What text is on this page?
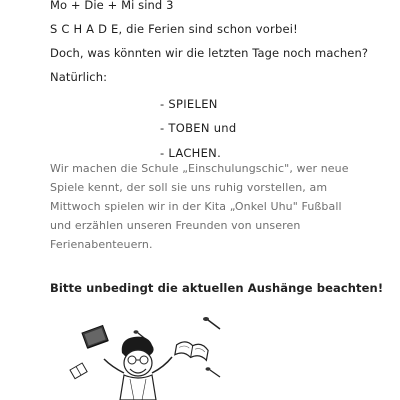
Mo + Die + Mi sind 3
S C H A D E, die Ferien sind schon vorbei!
Doch, was könnten wir die letzten Tage noch machen?
Natürlich:
- SPIELEN
- TOBEN und
- LACHEN.
Wir machen die Schule „Einschulungschic", wer neue
Spiele kennt, der soll sie uns ruhig vorstellen, am
Mittwoch spielen wir in der Kita „Onkel Uhu" Fußball
und erzählen unseren Freunden von unseren
Ferienabenteuern.
Bitte unbedingt die aktuellen Aushänge beachten!
